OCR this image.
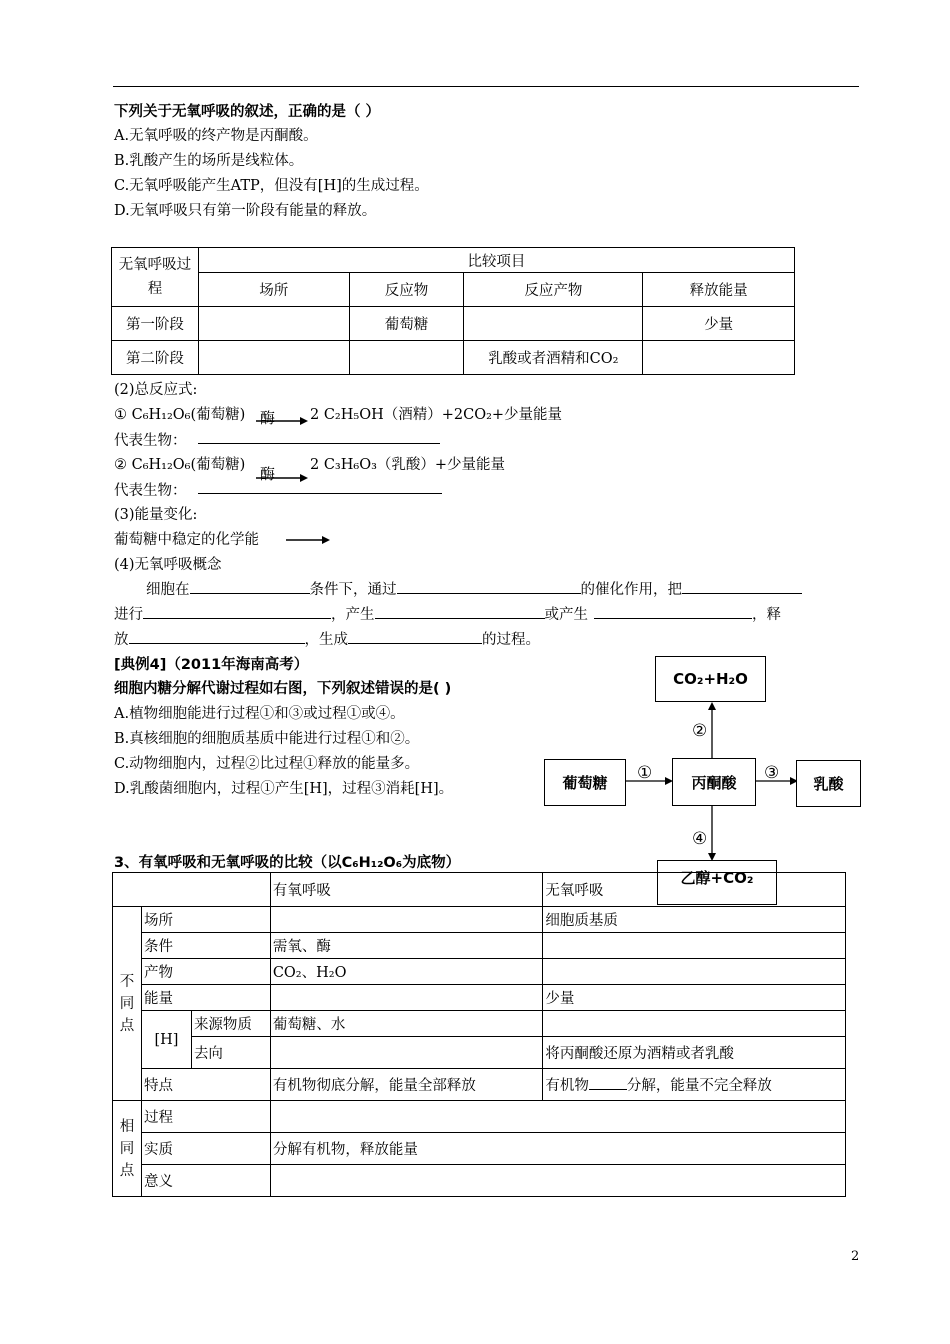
下列关于无氧呼吸的叙述，正确的是（ ）
A.无氧呼吸的终产物是丙酮酸。
B.乳酸产生的场所是线粒体。
C.无氧呼吸能产生ATP，但没有[H]的生成过程。
D.无氧呼吸只有第一阶段有能量的释放。
无氧呼吸过程	比较项目			
	场所	反应物	反应产物	释放能量
第一阶段		葡萄糖		少量
第二阶段			乳酸或者酒精和CO₂	
(2)总反应式:
① C₆H₁₂O₆(葡萄糖) 酶 → 2 C₂H₅OH（酒精）+2CO₂+少量能量
代表生物：
② C₆H₁₂O₆(葡萄糖) 酶 2 C₃H₆O₃（乳酸）+少量能量
代表生物：
(3)能量变化:
葡萄糖中稳定的化学能
(4)无氧呼吸概念
细胞在	条件下，通过	的催化作用，把
进行	，产生	或产生	，释
放	，生成	的过程。
[典例4]（2011年海南高考）
细胞内糖分解代谢过程如右图，下列叙述错误的是( )
A.植物细胞能进行过程①和③或过程①或④。
B.真核细胞的细胞质基质中能进行过程①和②。
C.动物细胞内，过程②比过程①释放的能量多。
D.乳酸菌细胞内，过程①产生[H]，过程③消耗[H]。
CO₂+H₂O
葡萄糖	丙酮酸	乳酸
乙醇+CO₂
①
②
③
④
3、有氧呼吸和无氧呼吸的比较（以C₆H₁₂O₆为底物）
			有氧呼吸	无氧呼吸
不同点	场所			细胞质基质
	条件		需氧、酶	
	产物		CO₂、H₂O	
	能量			少量
	[H]	来源物质	葡萄糖、水	
		去向		将丙酮酸还原为酒精或者乳酸
	特点		有机物彻底分解，能量全部释放	有机物 分解，能量不完全释放
相同点	过程			
	实质		分解有机物，释放能量	
	意义			
2
